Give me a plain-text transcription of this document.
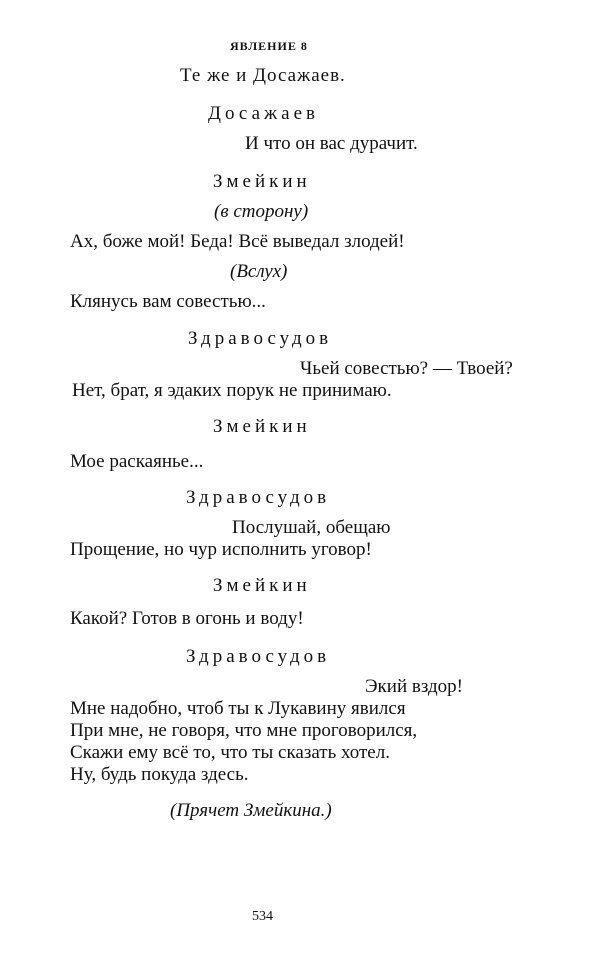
ЯВЛЕНИЕ 8
Те же и Досажаев.
Досажаев
И что он вас дурачит.
Змейкин
(в сторону)
Ах, боже мой! Беда! Всё выведал злодей!
(Вслух)
Клянусь вам совестью...
Здравосудов
Чьей совестью? — Твоей?
Нет, брат, я эдаких порук не принимаю.
Змейкин
Мое раскаянье...
Здравосудов
Послушай, обещаю
Прощение, но чур исполнить уговор!
Змейкин
Какой? Готов в огонь и воду!
Здравосудов
Экий вздор!
Мне надобно, чтоб ты к Лукавину явился
При мне, не говоря, что мне проговорился,
Скажи ему всё то, что ты сказать хотел.
Ну, будь покуда здесь.
(Прячет Змейкина.)
534
